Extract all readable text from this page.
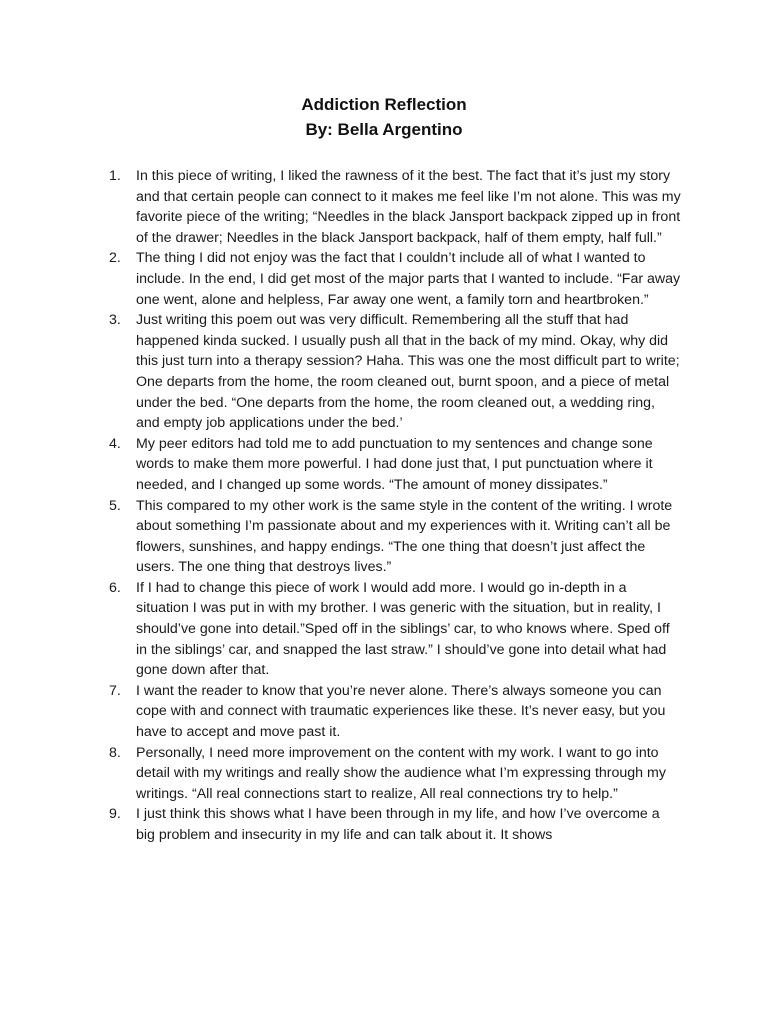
Addiction Reflection
By: Bella Argentino
1.	In this piece of writing, I liked the rawness of it the best. The fact that it’s just my story and that certain people can connect to it makes me feel like I’m not alone. This was my favorite piece of the writing; “Needles in the black Jansport backpack zipped up in front of the drawer; Needles in the black Jansport backpack, half of them empty, half full.”
2.	The thing I did not enjoy was the fact that I couldn’t include all of what I wanted to include. In the end, I did get most of the major parts that I wanted to include. “Far away one went, alone and helpless, Far away one went, a family torn and heartbroken.”
3.	Just writing this poem out was very difficult. Remembering all the stuff that had happened kinda sucked. I usually push all that in the back of my mind. Okay, why did this just turn into a therapy session? Haha. This was one the most difficult part to write; One departs from the home, the room cleaned out, burnt spoon, and a piece of metal under the bed. “One departs from the home, the room cleaned out, a wedding ring, and empty job applications under the bed.’
4.	My peer editors had told me to add punctuation to my sentences and change sone words to make them more powerful. I had done just that, I put punctuation where it needed, and I changed up some words. “The amount of money dissipates.”
5.	This compared to my other work is the same style in the content of the writing. I wrote about something I’m passionate about and my experiences with it. Writing can’t all be flowers, sunshines, and happy endings. “The one thing that doesn’t just affect the users. The one thing that destroys lives.”
6.	If I had to change this piece of work I would add more. I would go in-depth in a situation I was put in with my brother. I was generic with the situation, but in reality, I should’ve gone into detail.”Sped off in the siblings’ car, to who knows where. Sped off in the siblings’ car, and snapped the last straw.” I should’ve gone into detail what had gone down after that.
7.	I want the reader to know that you’re never alone. There’s always someone you can cope with and connect with traumatic experiences like these. It’s never easy, but you have to accept and move past it.
8.	Personally, I need more improvement on the content with my work. I want to go into detail with my writings and really show the audience what I’m expressing through my writings. “All real connections start to realize, All real connections try to help.”
9.	I just think this shows what I have been through in my life, and how I’ve overcome a big problem and insecurity in my life and can talk about it. It shows
